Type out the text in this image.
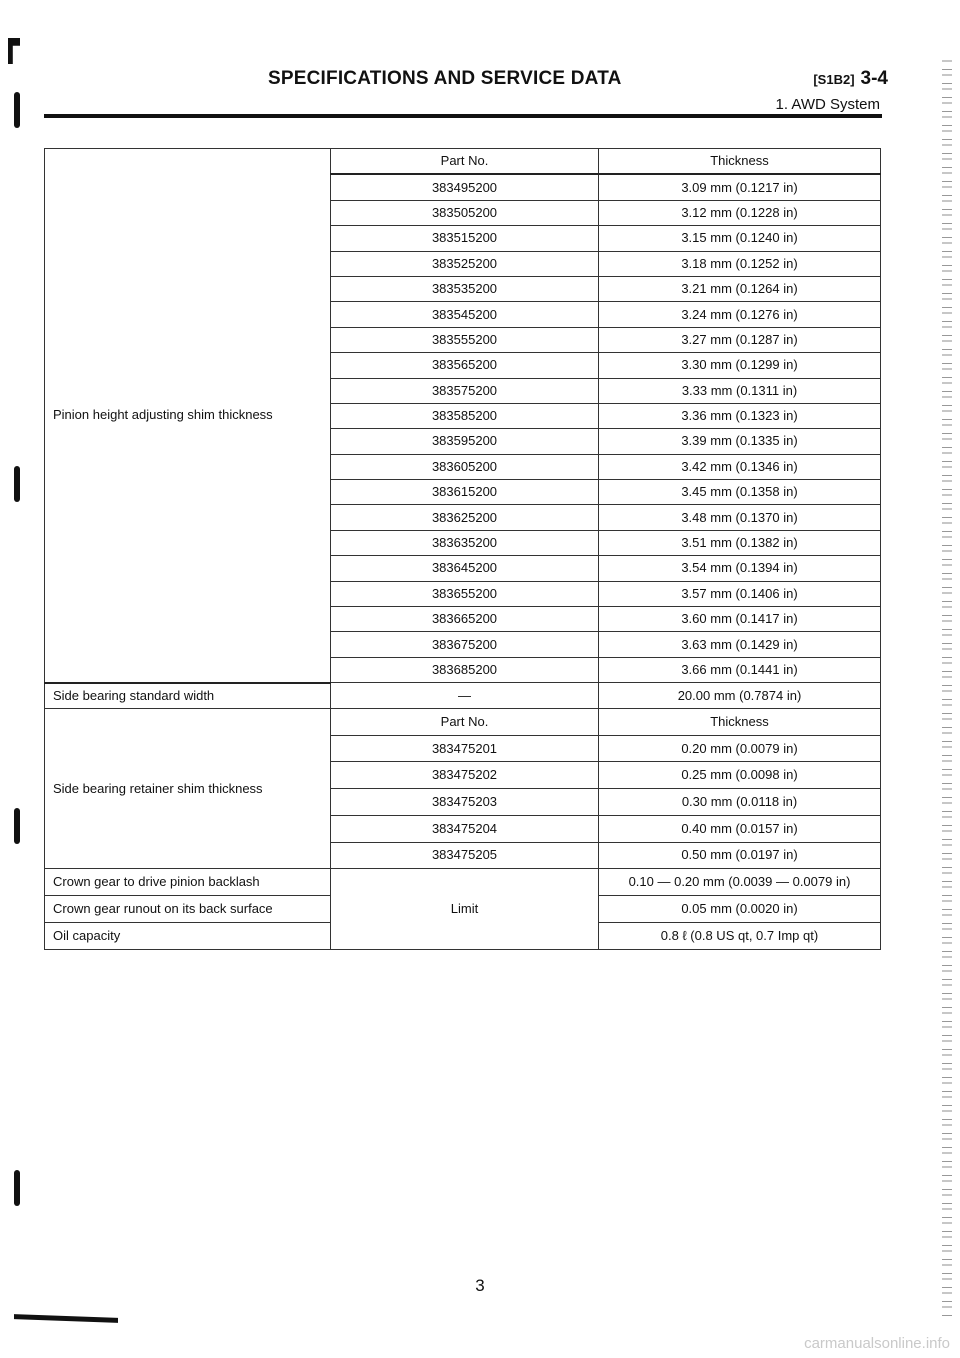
SPECIFICATIONS AND SERVICE DATA	[S1B2] 3-4
1. AWD System
Pinion height adjusting shim thickness	Part No.	Thickness
	383495200	3.09 mm (0.1217 in)
	383505200	3.12 mm (0.1228 in)
	383515200	3.15 mm (0.1240 in)
	383525200	3.18 mm (0.1252 in)
	383535200	3.21 mm (0.1264 in)
	383545200	3.24 mm (0.1276 in)
	383555200	3.27 mm (0.1287 in)
	383565200	3.30 mm (0.1299 in)
	383575200	3.33 mm (0.1311 in)
	383585200	3.36 mm (0.1323 in)
	383595200	3.39 mm (0.1335 in)
	383605200	3.42 mm (0.1346 in)
	383615200	3.45 mm (0.1358 in)
	383625200	3.48 mm (0.1370 in)
	383635200	3.51 mm (0.1382 in)
	383645200	3.54 mm (0.1394 in)
	383655200	3.57 mm (0.1406 in)
	383665200	3.60 mm (0.1417 in)
	383675200	3.63 mm (0.1429 in)
	383685200	3.66 mm (0.1441 in)
Side bearing standard width	—	20.00 mm (0.7874 in)
Side bearing retainer shim thickness	Part No.	Thickness
	383475201	0.20 mm (0.0079 in)
	383475202	0.25 mm (0.0098 in)
	383475203	0.30 mm (0.0118 in)
	383475204	0.40 mm (0.0157 in)
	383475205	0.50 mm (0.0197 in)
Crown gear to drive pinion backlash	Limit	0.10 — 0.20 mm (0.0039 — 0.0079 in)
Crown gear runout on its back surface		0.05 mm (0.0020 in)
Oil capacity		0.8 ℓ (0.8 US qt, 0.7 Imp qt)
3
carmanualsonline.info
